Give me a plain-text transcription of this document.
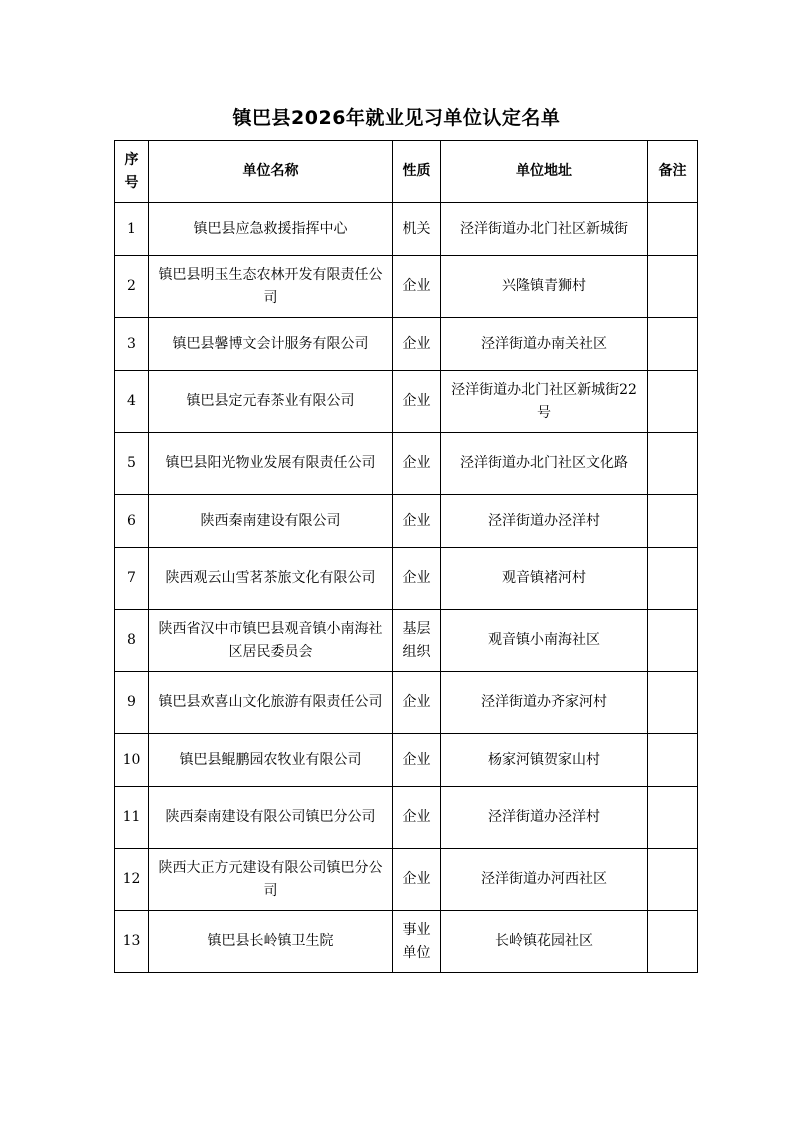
镇巴县2026年就业见习单位认定名单
序号	单位名称	性质	单位地址	备注
1	镇巴县应急救援指挥中心	机关	泾洋街道办北门社区新城街	
2	镇巴县明玉生态农林开发有限责任公司	企业	兴隆镇青狮村	
3	镇巴县馨博文会计服务有限公司	企业	泾洋街道办南关社区	
4	镇巴县定元春茶业有限公司	企业	泾洋街道办北门社区新城街22号	
5	镇巴县阳光物业发展有限责任公司	企业	泾洋街道办北门社区文化路	
6	陕西秦南建设有限公司	企业	泾洋街道办泾洋村	
7	陕西观云山雪茗茶旅文化有限公司	企业	观音镇褚河村	
8	陕西省汉中市镇巴县观音镇小南海社区居民委员会	基层组织	观音镇小南海社区	
9	镇巴县欢喜山文化旅游有限责任公司	企业	泾洋街道办齐家河村	
10	镇巴县鲲鹏园农牧业有限公司	企业	杨家河镇贺家山村	
11	陕西秦南建设有限公司镇巴分公司	企业	泾洋街道办泾洋村	
12	陕西大正方元建设有限公司镇巴分公司	企业	泾洋街道办河西社区	
13	镇巴县长岭镇卫生院	事业单位	长岭镇花园社区	
